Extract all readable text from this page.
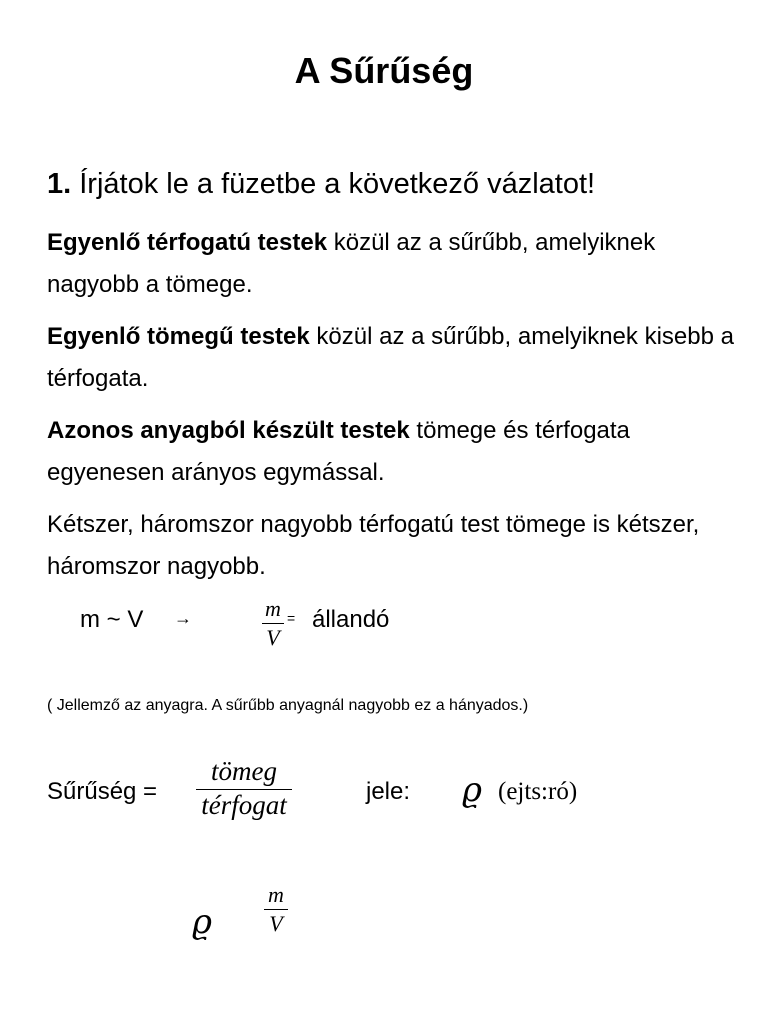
A Sűrűség

1. Írjátok le a füzetbe a következő vázlatot!

Egyenlő térfogatú testek közül az a sűrűbb, amelyiknek nagyobb a tömege.

Egyenlő tömegű testek közül az a sűrűbb, amelyiknek kisebb a térfogata.

Azonos anyagból készült testek tömege és térfogata egyenesen arányos egymással.

Kétszer, háromszor nagyobb térfogatú test tömege is kétszer, háromszor nagyobb.

m ~ V →	m
V
= állandó

( Jellemző az anyagra. A sűrűbb anyagnál nagyobb ez a hányados.)

Sűrűség =
tömeg
térfogat	jele: ϱ (ejts:ró)
ϱ
m
V
